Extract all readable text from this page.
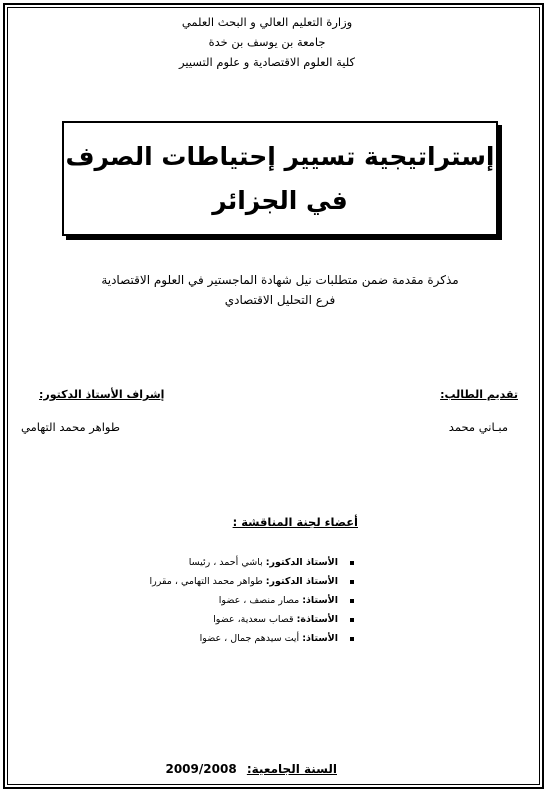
وزارة التعليم العالي و البحث العلمي
جامعة بن يوسف بن خدة
كلية العلوم الاقتصادية و علوم التسيير
إستراتيجية تسيير إحتياطات الصرف
في الجزائر
مذكرة مقدمة ضمن متطلبات نيل شهادة الماجستير في العلوم الاقتصادية
فرع التحليل الاقتصادي
تقديم الطالب:
مبـاني محمد
إشراف الأستاذ الدكتور:
طواهر محمد التهامي
أعضاء لجنة المناقشة :
الأستاذ الدكتور:
باشي أحمد ، رئيسا
الأستاذ الدكتور:
طواهر محمد التهامي ، مقررا
الأستاذ:
مصار منصف ، عضوا
الأستاذة:
قصاب سعدية، عضوا
الأستاذ:
أيت سيدهم جمال ، عضوا
السنة الجامعية: 2009/2008
